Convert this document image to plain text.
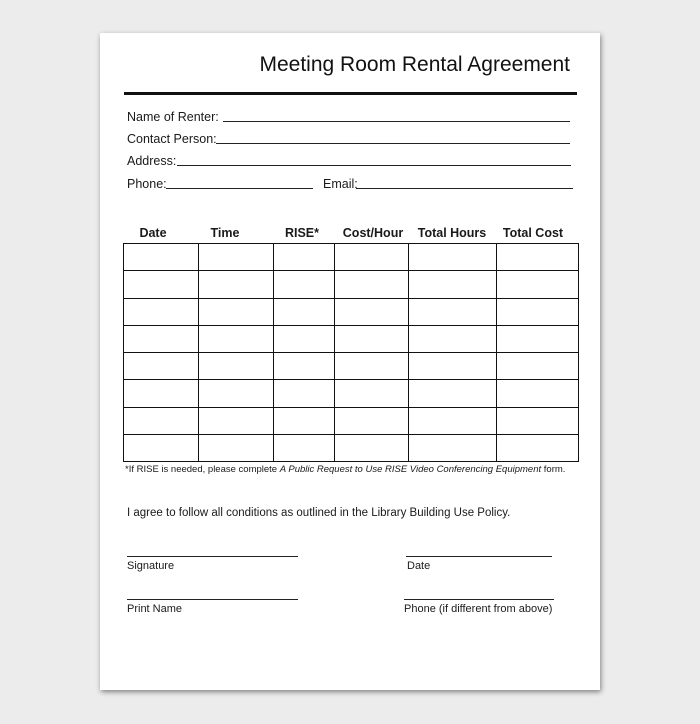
Meeting Room Rental Agreement
Name of Renter:
Contact Person:
Address:
Phone:	Email:
Date	Time	RISE*	Cost/Hour	Total Hours	Total Cost

*If RISE is needed, please complete A Public Request to Use RISE Video Conferencing Equipment form.
I agree to follow all conditions as outlined in the Library Building Use Policy.
Signature	Date
Print Name	Phone (if different from above)
